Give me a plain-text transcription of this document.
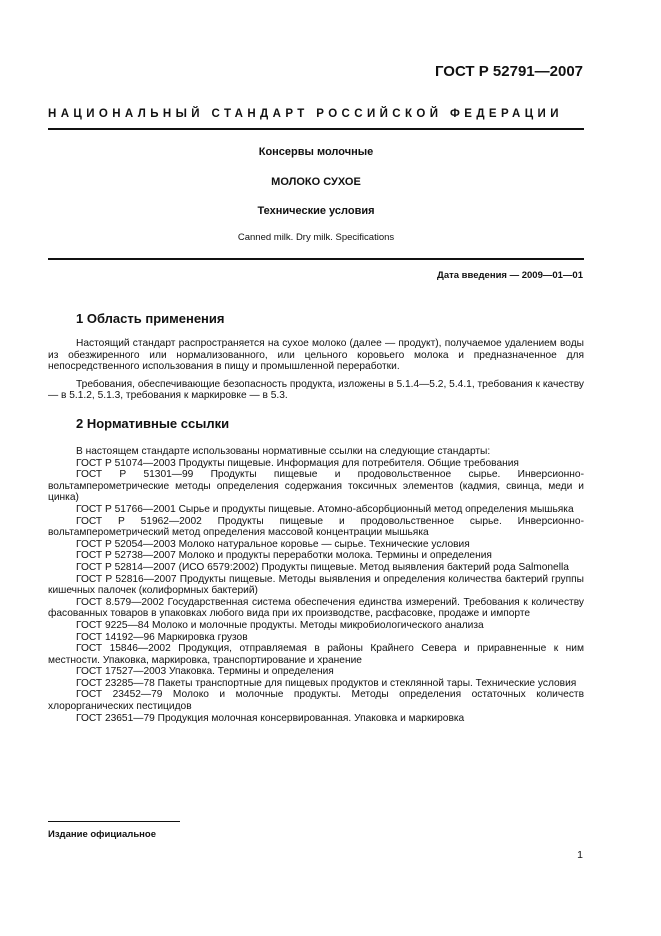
ГОСТ Р 52791—2007
НАЦИОНАЛЬНЫЙ СТАНДАРТ РОССИЙСКОЙ ФЕДЕРАЦИИ
Консервы молочные
МОЛОКО СУХОЕ
Технические условия
Canned milk. Dry milk. Specifications
Дата введения — 2009—01—01
1 Область применения

Настоящий стандарт распространяется на сухое молоко (далее — продукт), получаемое удалением воды из обезжиренного или нормализованного, или цельного коровьего молока и предназначенное для непосредственного использования в пищу и промышленной переработки.

Требования, обеспечивающие безопасность продукта, изложены в 5.1.4—5.2, 5.4.1, требования к качеству — в 5.1.2, 5.1.3, требования к маркировке — в 5.3.

2 Нормативные ссылки

В настоящем стандарте использованы нормативные ссылки на следующие стандарты:

ГОСТ Р 51074—2003 Продукты пищевые. Информация для потребителя. Общие требования

ГОСТ Р 51301—99 Продукты пищевые и продовольственное сырье. Инверсионно-вольтамперометрические методы определения содержания токсичных элементов (кадмия, свинца, меди и цинка)

ГОСТ Р 51766—2001 Сырье и продукты пищевые. Атомно-абсорбционный метод определения мышьяка

ГОСТ Р 51962—2002 Продукты пищевые и продовольственное сырье. Инверсионно-вольтамперометрический метод определения массовой концентрации мышьяка

ГОСТ Р 52054—2003 Молоко натуральное коровье — сырье. Технические условия

ГОСТ Р 52738—2007 Молоко и продукты переработки молока. Термины и определения

ГОСТ Р 52814—2007 (ИСО 6579:2002) Продукты пищевые. Метод выявления бактерий рода Salmonella

ГОСТ Р 52816—2007 Продукты пищевые. Методы выявления и определения количества бактерий группы кишечных палочек (колиформных бактерий)

ГОСТ 8.579—2002 Государственная система обеспечения единства измерений. Требования к количеству фасованных товаров в упаковках любого вида при их производстве, расфасовке, продаже и импорте

ГОСТ 9225—84 Молоко и молочные продукты. Методы микробиологического анализа

ГОСТ 14192—96 Маркировка грузов

ГОСТ 15846—2002 Продукция, отправляемая в районы Крайнего Севера и приравненные к ним местности. Упаковка, маркировка, транспортирование и хранение

ГОСТ 17527—2003 Упаковка. Термины и определения

ГОСТ 23285—78 Пакеты транспортные для пищевых продуктов и стеклянной тары. Технические условия

ГОСТ 23452—79 Молоко и молочные продукты. Методы определения остаточных количеств хлорорганических пестицидов

ГОСТ 23651—79 Продукция молочная консервированная. Упаковка и маркировка

Издание официальное
1
